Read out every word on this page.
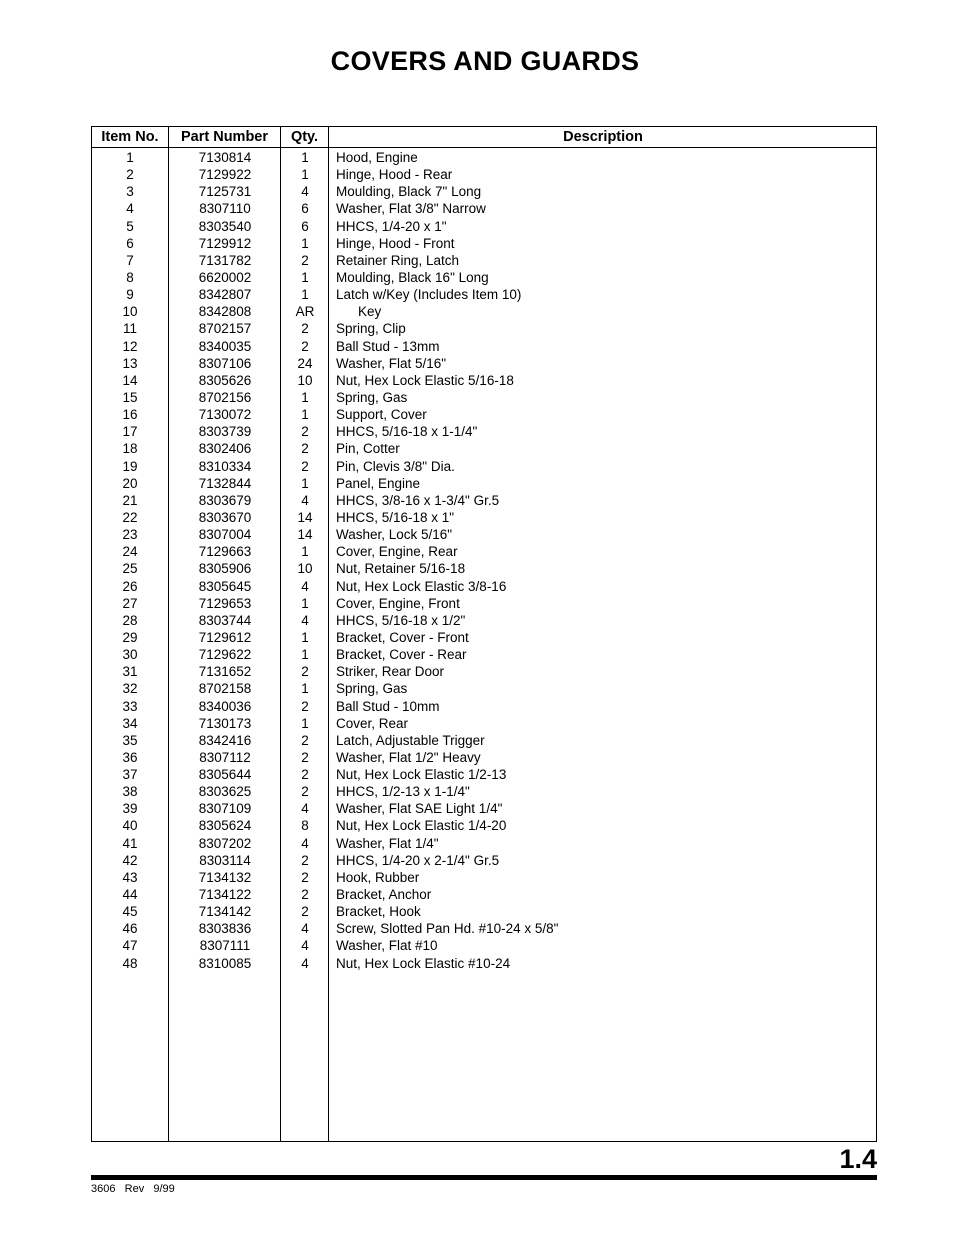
COVERS AND GUARDS
Item No.	Part Number	Qty.	Description
1	7130814	1	Hood, Engine
2	7129922	1	Hinge, Hood - Rear
3	7125731	4	Moulding, Black 7" Long
4	8307110	6	Washer, Flat 3/8" Narrow
5	8303540	6	HHCS, 1/4-20 x 1"
6	7129912	1	Hinge, Hood - Front
7	7131782	2	Retainer Ring, Latch
8	6620002	1	Moulding, Black 16" Long
9	8342807	1	Latch w/Key (Includes Item 10)
10	8342808	AR	Key
11	8702157	2	Spring, Clip
12	8340035	2	Ball Stud - 13mm
13	8307106	24	Washer, Flat 5/16"
14	8305626	10	Nut, Hex Lock Elastic 5/16-18
15	8702156	1	Spring, Gas
16	7130072	1	Support, Cover
17	8303739	2	HHCS, 5/16-18 x 1-1/4"
18	8302406	2	Pin, Cotter
19	8310334	2	Pin, Clevis 3/8" Dia.
20	7132844	1	Panel, Engine
21	8303679	4	HHCS, 3/8-16 x 1-3/4" Gr.5
22	8303670	14	HHCS, 5/16-18 x 1"
23	8307004	14	Washer, Lock 5/16"
24	7129663	1	Cover, Engine, Rear
25	8305906	10	Nut, Retainer 5/16-18
26	8305645	4	Nut, Hex Lock Elastic 3/8-16
27	7129653	1	Cover, Engine, Front
28	8303744	4	HHCS, 5/16-18 x 1/2"
29	7129612	1	Bracket, Cover - Front
30	7129622	1	Bracket, Cover - Rear
31	7131652	2	Striker, Rear Door
32	8702158	1	Spring, Gas
33	8340036	2	Ball Stud - 10mm
34	7130173	1	Cover, Rear
35	8342416	2	Latch, Adjustable Trigger
36	8307112	2	Washer, Flat 1/2" Heavy
37	8305644	2	Nut, Hex Lock Elastic 1/2-13
38	8303625	2	HHCS, 1/2-13 x 1-1/4"
39	8307109	4	Washer, Flat SAE Light 1/4"
40	8305624	8	Nut, Hex Lock Elastic 1/4-20
41	8307202	4	Washer, Flat 1/4"
42	8303114	2	HHCS, 1/4-20 x 2-1/4" Gr.5
43	7134132	2	Hook, Rubber
44	7134122	2	Bracket, Anchor
45	7134142	2	Bracket, Hook
46	8303836	4	Screw, Slotted Pan Hd. #10-24 x 5/8"
47	8307111	4	Washer, Flat #10
48	8310085	4	Nut, Hex Lock Elastic #10-24
1.4
3606   Rev   9/99
